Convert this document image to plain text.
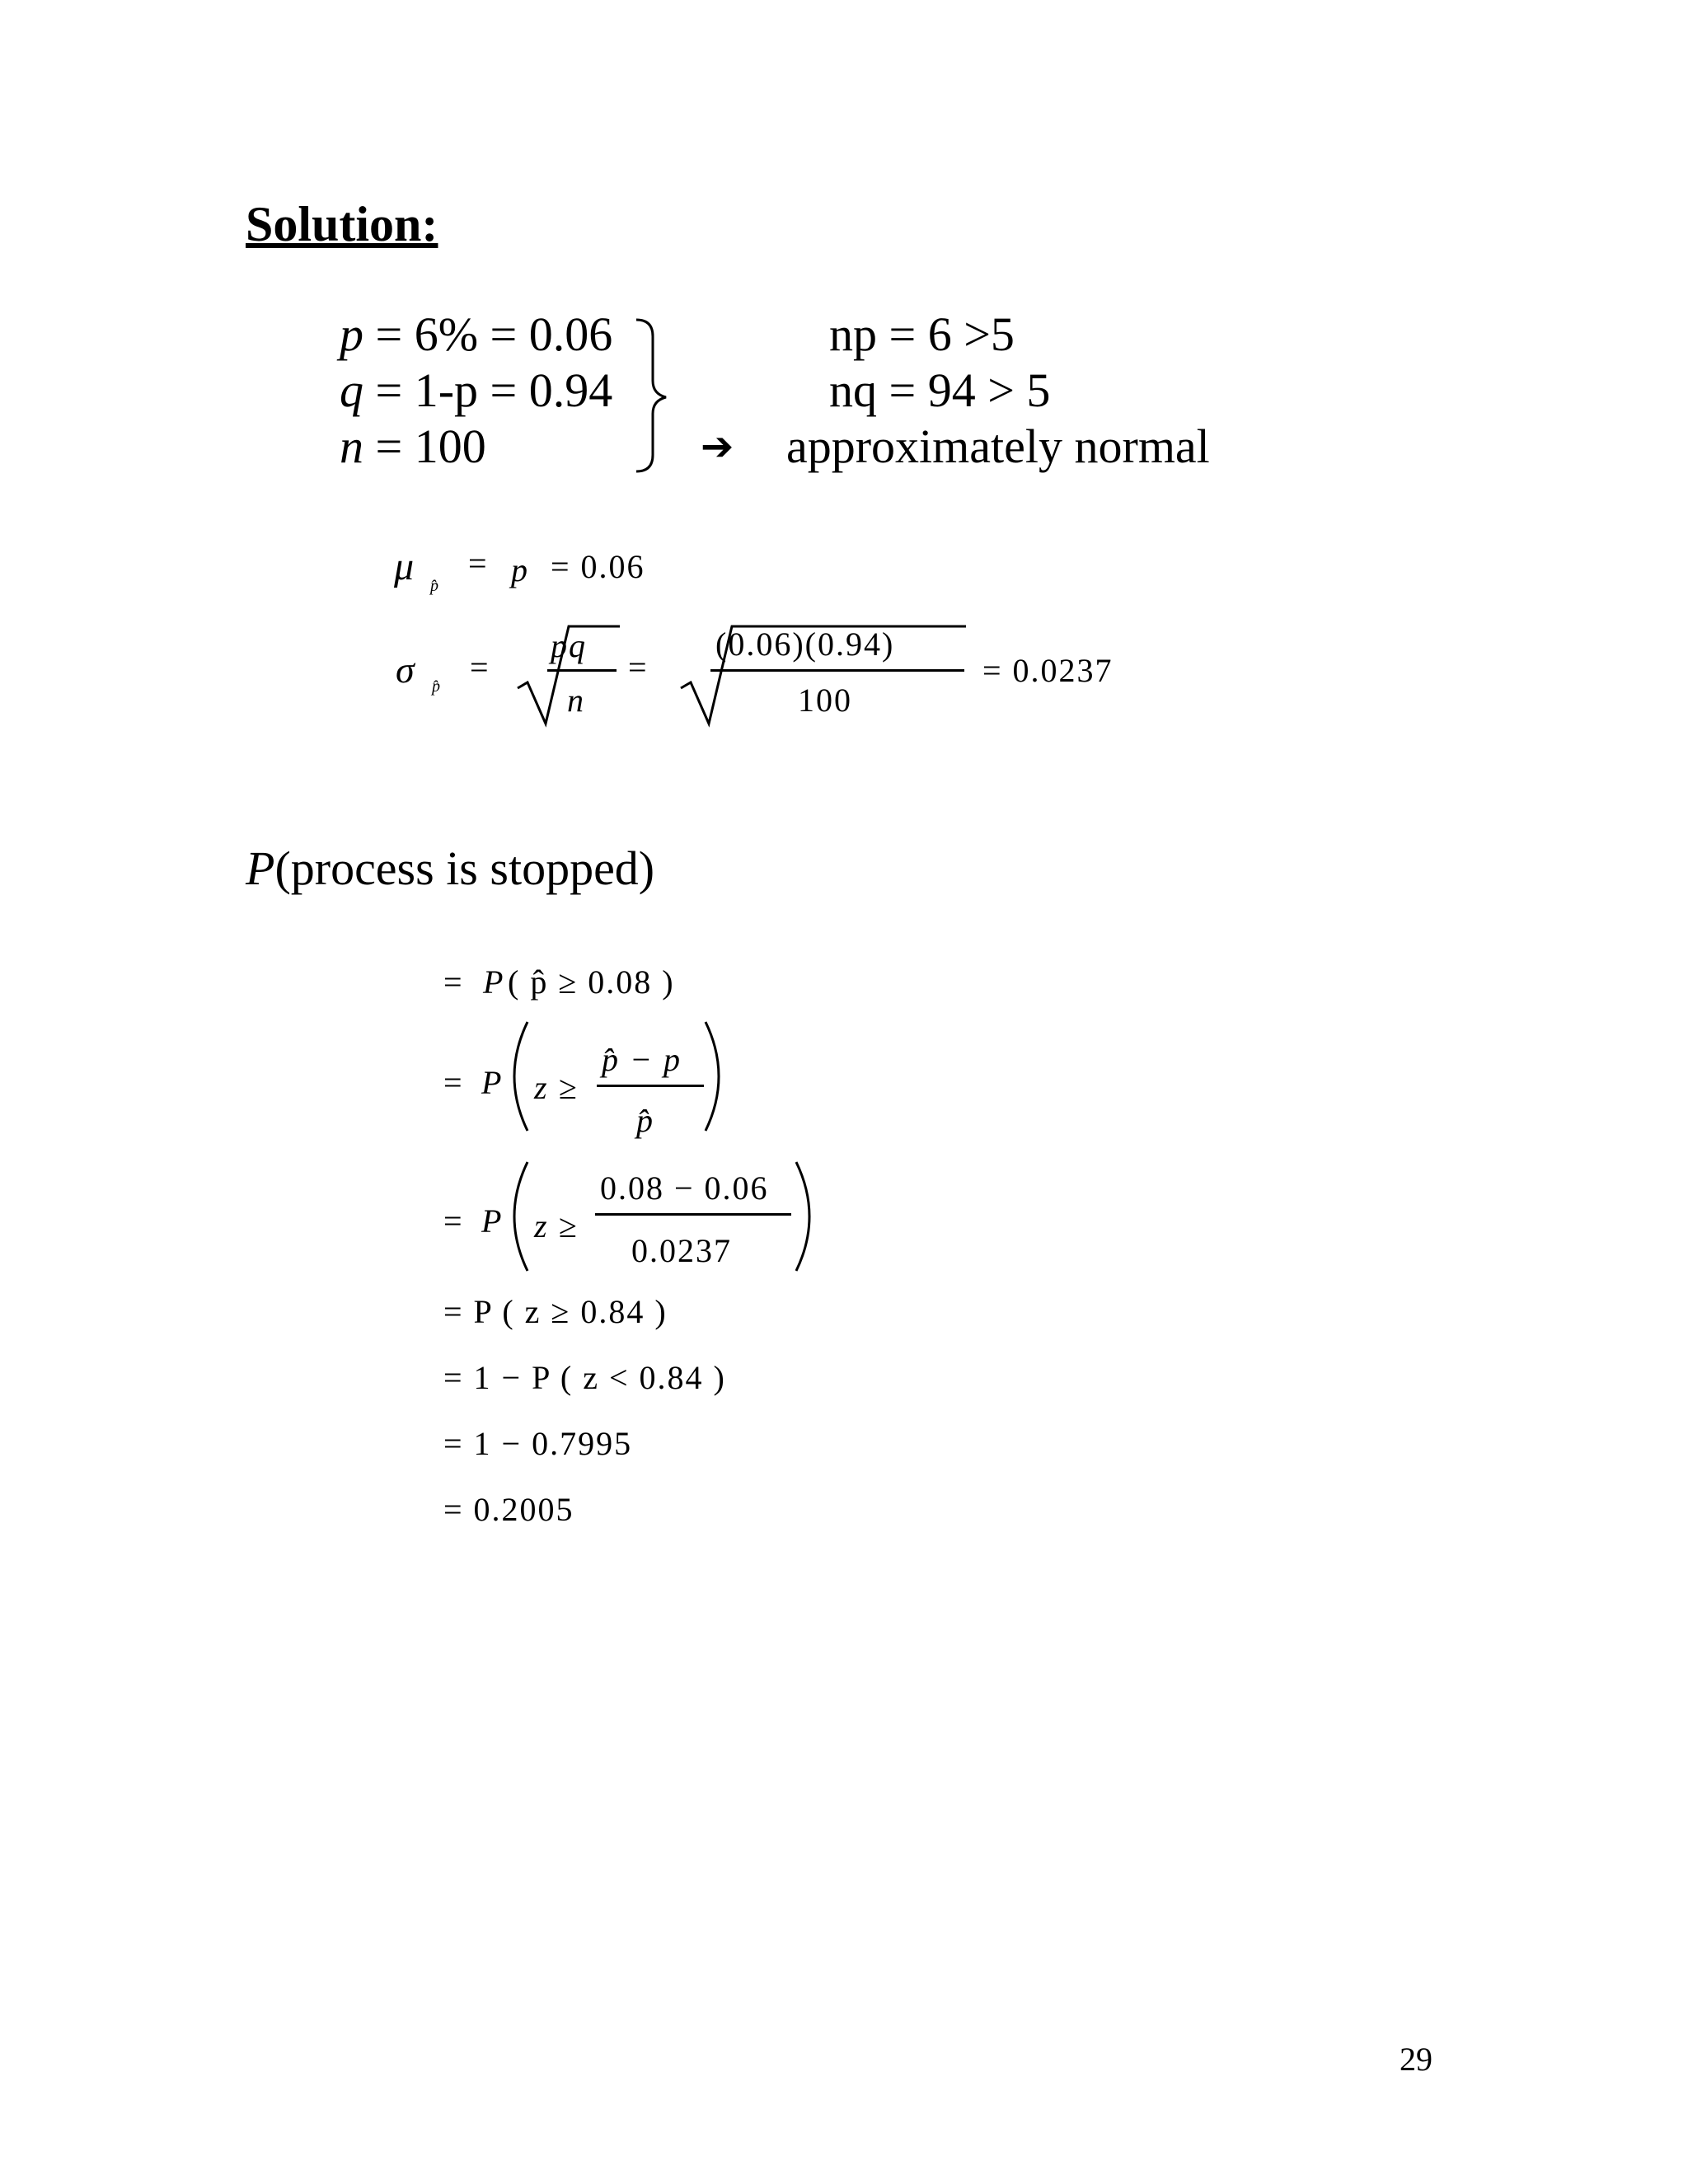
Solution:
p = 6% = 0.06
q = 1-p = 0.94
n = 100
np = 6 >5
nq = 94 > 5
➔ approximately normal
μ p̂
= p = 0.06
σ p̂
=
pq
n
=
(0.06)(0.94)
100
= 0.0237
P(process is stopped)
= P ( p̂ ≥ 0.08 )
= P z ≥
p̂ − p
p̂
= P z ≥
0.08 − 0.06
0.0237
= P ( z ≥ 0.84 )
= 1 − P ( z < 0.84 )
= 1 − 0.7995
= 0.2005
29
